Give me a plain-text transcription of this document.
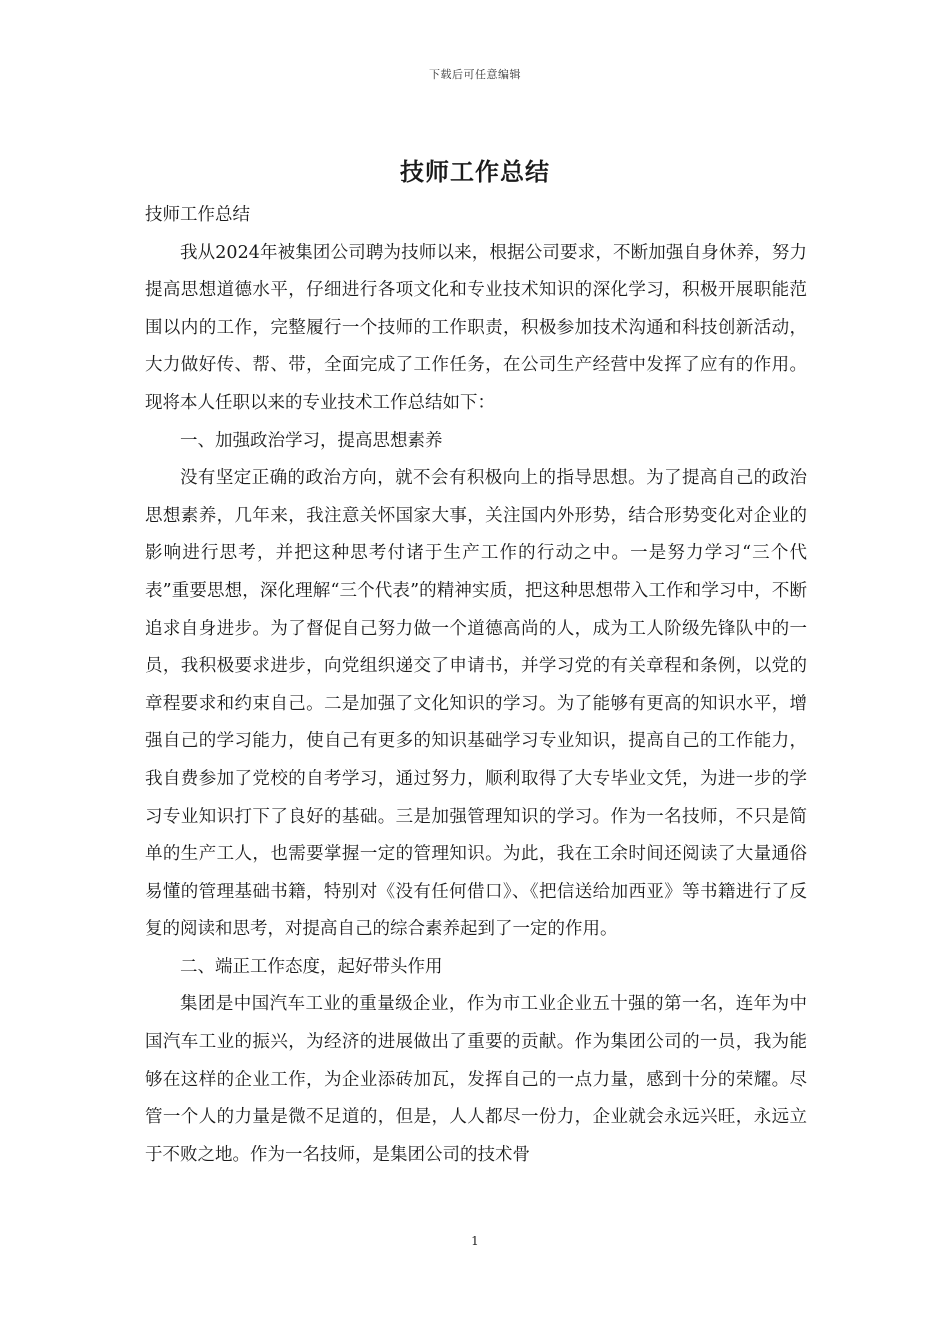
下载后可任意编辑
技师工作总结

技师工作总结

我从2024年被集团公司聘为技师以来，根据公司要求，不断加强自身休养，努力提高思想道德水平，仔细进行各项文化和专业技术知识的深化学习，积极开展职能范围以内的工作，完整履行一个技师的工作职责，积极参加技术沟通和科技创新活动，大力做好传、帮、带，全面完成了工作任务，在公司生产经营中发挥了应有的作用。现将本人任职以来的专业技术工作总结如下：

一、加强政治学习，提高思想素养

没有坚定正确的政治方向，就不会有积极向上的指导思想。为了提高自己的政治思想素养，几年来，我注意关怀国家大事，关注国内外形势，结合形势变化对企业的影响进行思考，并把这种思考付诸于生产工作的行动之中。一是努力学习“三个代表”重要思想，深化理解“三个代表”的精神实质，把这种思想带入工作和学习中，不断追求自身进步。为了督促自己努力做一个道德高尚的人，成为工人阶级先锋队中的一员，我积极要求进步，向党组织递交了申请书，并学习党的有关章程和条例，以党的章程要求和约束自己。二是加强了文化知识的学习。为了能够有更高的知识水平，增强自己的学习能力，使自己有更多的知识基础学习专业知识，提高自己的工作能力，我自费参加了党校的自考学习，通过努力，顺利取得了大专毕业文凭，为进一步的学习专业知识打下了良好的基础。三是加强管理知识的学习。作为一名技师，不只是简单的生产工人，也需要掌握一定的管理知识。为此，我在工余时间还阅读了大量通俗易懂的管理基础书籍，特别对《没有任何借口》、《把信送给加西亚》等书籍进行了反复的阅读和思考，对提高自己的综合素养起到了一定的作用。

二、端正工作态度，起好带头作用

集团是中国汽车工业的重量级企业，作为市工业企业五十强的第一名，连年为中国汽车工业的振兴，为经济的进展做出了重要的贡献。作为集团公司的一员，我为能够在这样的企业工作，为企业添砖加瓦，发挥自己的一点力量，感到十分的荣耀。尽管一个人的力量是微不足道的，但是，人人都尽一份力，企业就会永远兴旺，永远立于不败之地。作为一名技师，是集团公司的技术骨

1
